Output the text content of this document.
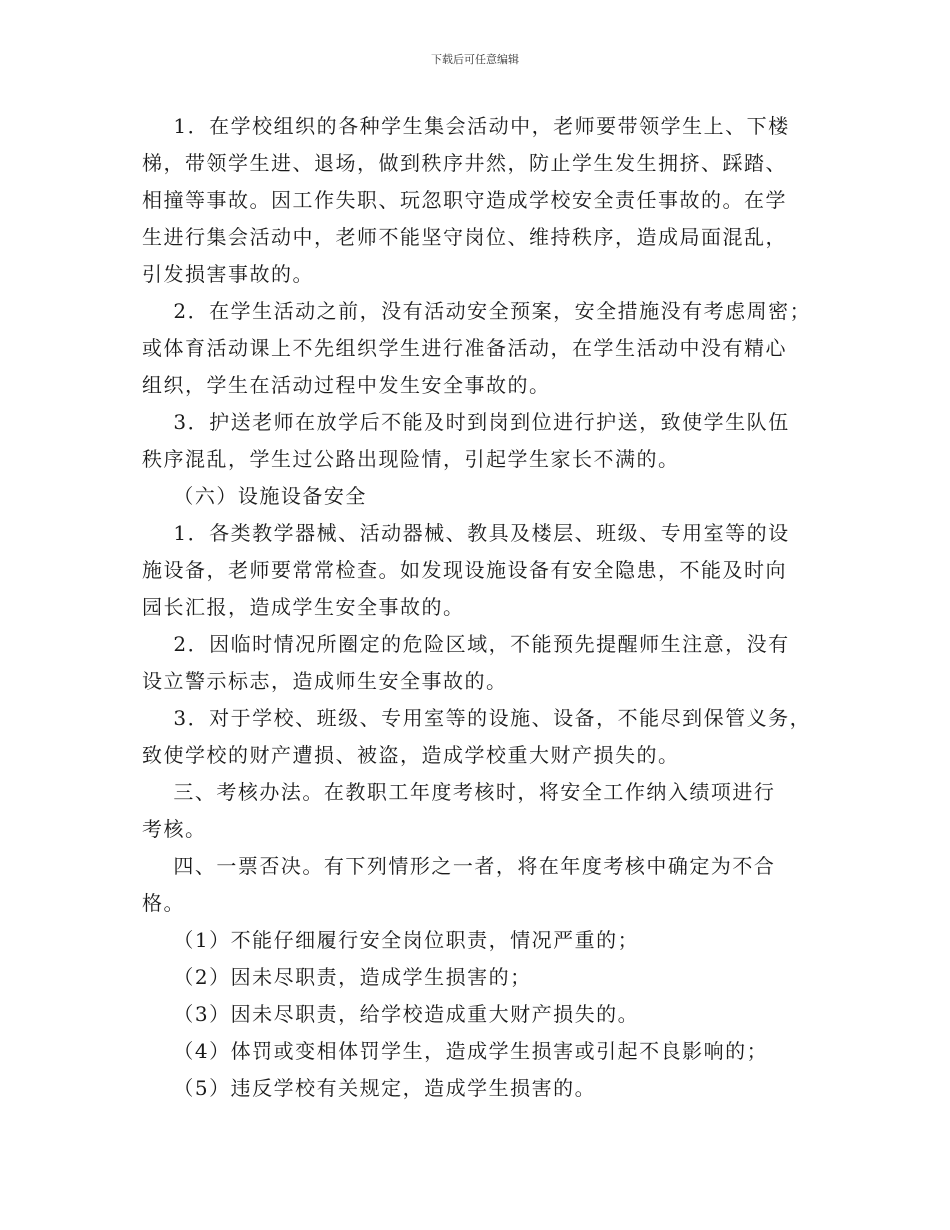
下载后可任意编辑
1．在学校组织的各种学生集会活动中，老师要带领学生上、下楼
梯，带领学生进、退场，做到秩序井然，防止学生发生拥挤、踩踏、
相撞等事故。因工作失职、玩忽职守造成学校安全责任事故的。在学
生进行集会活动中，老师不能坚守岗位、维持秩序，造成局面混乱，
引发损害事故的。
2．在学生活动之前，没有活动安全预案，安全措施没有考虑周密；
或体育活动课上不先组织学生进行准备活动，在学生活动中没有精心
组织，学生在活动过程中发生安全事故的。
3．护送老师在放学后不能及时到岗到位进行护送，致使学生队伍
秩序混乱，学生过公路出现险情，引起学生家长不满的。
（六）设施设备安全
1．各类教学器械、活动器械、教具及楼层、班级、专用室等的设
施设备，老师要常常检查。如发现设施设备有安全隐患，不能及时向
园长汇报，造成学生安全事故的。
2．因临时情况所圈定的危险区域，不能预先提醒师生注意，没有
设立警示标志，造成师生安全事故的。
3．对于学校、班级、专用室等的设施、设备，不能尽到保管义务，
致使学校的财产遭损、被盗，造成学校重大财产损失的。
三、考核办法。在教职工年度考核时，将安全工作纳入绩项进行
考核。
四、一票否决。有下列情形之一者，将在年度考核中确定为不合
格。
（1）不能仔细履行安全岗位职责，情况严重的；
（2）因未尽职责，造成学生损害的；
（3）因未尽职责，给学校造成重大财产损失的。
（4）体罚或变相体罚学生，造成学生损害或引起不良影响的；
（5）违反学校有关规定，造成学生损害的。
